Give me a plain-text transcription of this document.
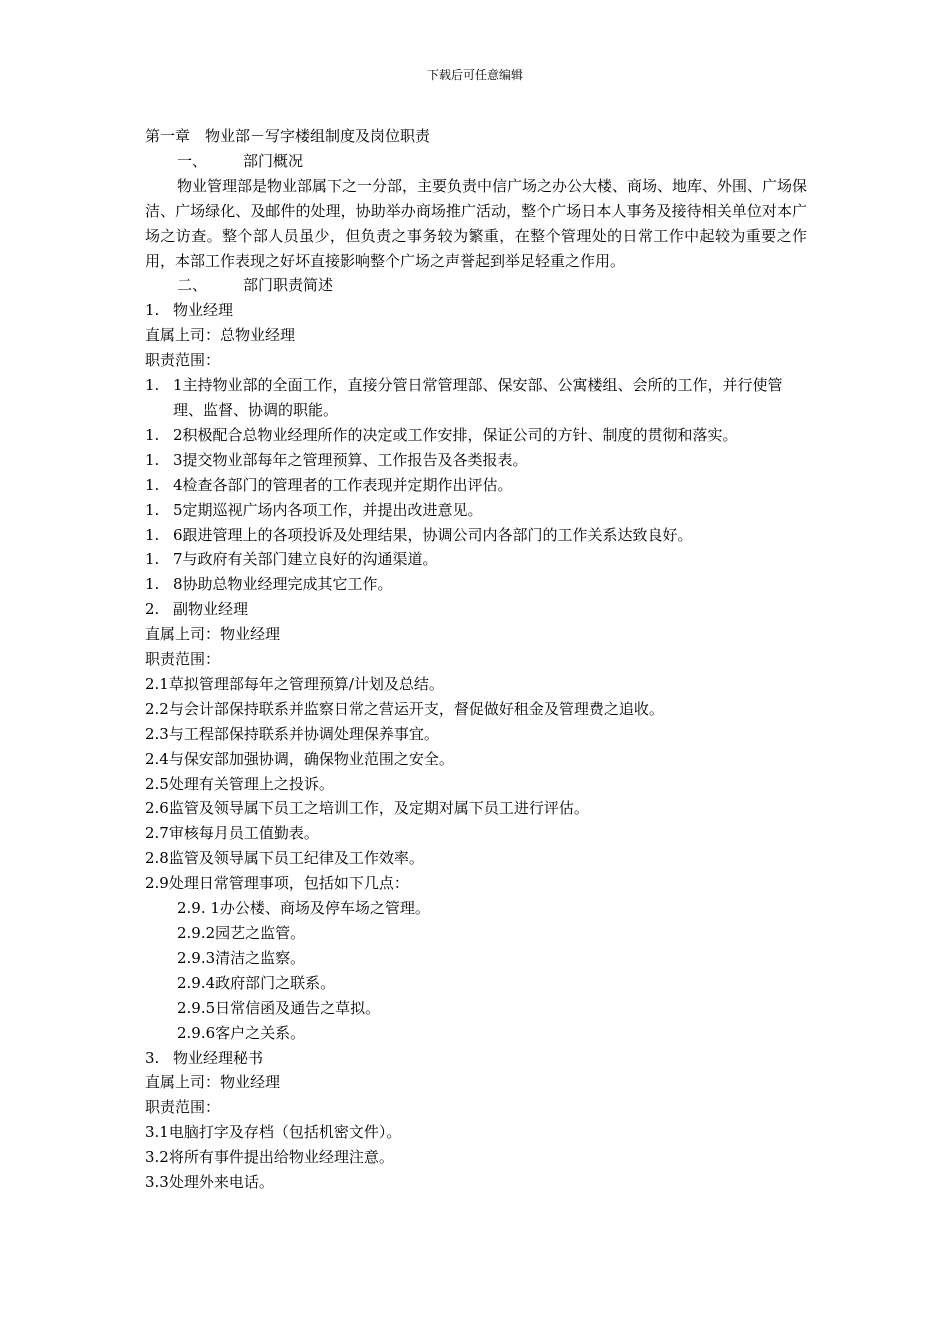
下载后可任意编辑
第一章　物业部－写字楼组制度及岗位职责
一、 部门概况
物业管理部是物业部属下之一分部，主要负责中信广场之办公大楼、商场、地库、外围、广场保洁、广场绿化、及邮件的处理，协助举办商场推广活动，整个广场日本人事务及接待相关单位对本广场之访查。整个部人员虽少，但负责之事务较为繁重，在整个管理处的日常工作中起较为重要之作用，本部工作表现之好坏直接影响整个广场之声誉起到举足轻重之作用。
二、 部门职责简述
1. 物业经理
直属上司：总物业经理
职责范围：
1. 1主持物业部的全面工作，直接分管日常管理部、保安部、公寓楼组、会所的工作，并行使管理、监督、协调的职能。
1. 2积极配合总物业经理所作的决定或工作安排，保证公司的方针、制度的贯彻和落实。
1. 3提交物业部每年之管理预算、工作报告及各类报表。
1. 4检查各部门的管理者的工作表现并定期作出评估。
1. 5定期巡视广场内各项工作，并提出改进意见。
1. 6跟进管理上的各项投诉及处理结果，协调公司内各部门的工作关系达致良好。
1. 7与政府有关部门建立良好的沟通渠道。
1. 8协助总物业经理完成其它工作。
2. 副物业经理
直属上司：物业经理
职责范围：
2.1草拟管理部每年之管理预算/计划及总结。
2.2与会计部保持联系并监察日常之营运开支，督促做好租金及管理费之追收。
2.3与工程部保持联系并协调处理保养事宜。
2.4与保安部加强协调，确保物业范围之安全。
2.5处理有关管理上之投诉。
2.6监管及领导属下员工之培训工作，及定期对属下员工进行评估。
2.7审核每月员工值勤表。
2.8监管及领导属下员工纪律及工作效率。
2.9处理日常管理事项，包括如下几点：
2.9. 1办公楼、商场及停车场之管理。
2.9.2园艺之监管。
2.9.3清洁之监察。
2.9.4政府部门之联系。
2.9.5日常信函及通告之草拟。
2.9.6客户之关系。
3. 物业经理秘书
直属上司：物业经理
职责范围：
3.1电脑打字及存档（包括机密文件）。
3.2将所有事件提出给物业经理注意。
3.3处理外来电话。
